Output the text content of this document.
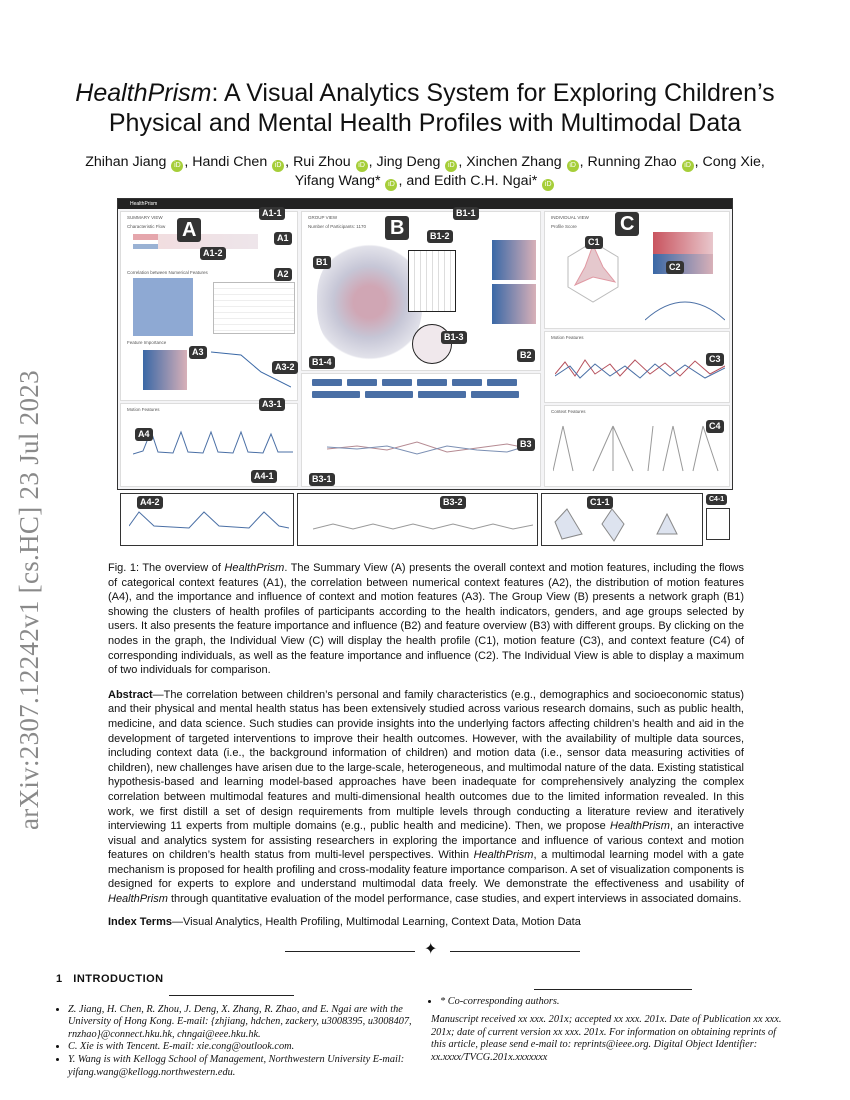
arXiv:2307.12242v1 [cs.HC] 23 Jul 2023
HealthPrism: A Visual Analytics System for Exploring Children’s
Physical and Mental Health Profiles with Multimodal Data
Zhihan Jiang iD , Handi Chen iD , Rui Zhou iD , Jing Deng iD , Xinchen Zhang iD , Running Zhao iD , Cong Xie,
Yifang Wang* iD , and Edith C.H. Ngai* iD
HealthPrism
SUMMARY VIEW
Characteristic Flow
Correlation between Numerical Features
Feature Importance
Motion Features
GROUP VIEW
Number of Participants: 1170
INDIVIDUAL VIEW
Profile Score
Motion Features
Context Features
A
A1-1
A1
A1-2
A2
A3
A3-2
A3-1
A4
A4-1
A4-2
B
B1-1
B1-2
B1
B1-3
B2
B1-4
B3
B3-1
B3-2
C
C1
C2
C3
C4
C1-1	C4-1
Fig. 1: The overview of HealthPrism. The Summary View (A) presents the overall context and motion features, including the flows of categorical context features (A1), the correlation between numerical context features (A2), the distribution of motion features (A4), and the importance and influence of context and motion features (A3). The Group View (B) presents a network graph (B1) showing the clusters of health profiles of participants according to the health indicators, genders, and age groups selected by users. It also presents the feature importance and influence (B2) and feature overview (B3) with different groups. By clicking on the nodes in the graph, the Individual View (C) will display the health profile (C1), motion feature (C3), and context feature (C4) of corresponding individuals, as well as the feature importance and influence (C2). The Individual View is able to display a maximum of two individuals for comparison.
Abstract—The correlation between children’s personal and family characteristics (e.g., demographics and socioeconomic status) and their physical and mental health status has been extensively studied across various research domains, such as public health, medicine, and data science. Such studies can provide insights into the underlying factors affecting children’s health and aid in the development of targeted interventions to improve their health outcomes. However, with the availability of multiple data sources, including context data (i.e., the background information of children) and motion data (i.e., sensor data measuring activities of children), new challenges have arisen due to the large-scale, heterogeneous, and multimodal nature of the data. Existing statistical hypothesis-based and learning model-based approaches have been inadequate for comprehensively analyzing the complex correlation between multimodal features and multi-dimensional health outcomes due to the limited information revealed. In this work, we first distill a set of design requirements from multiple levels through conducting a literature review and iteratively interviewing 11 experts from multiple domains (e.g., public health and medicine). Then, we propose HealthPrism, an interactive visual and analytics system for assisting researchers in exploring the importance and influence of various context and motion features on children’s health status from multi-level perspectives. Within HealthPrism, a multimodal learning model with a gate mechanism is proposed for health profiling and cross-modality feature importance comparison. A set of visualization components is designed for experts to explore and understand multimodal data freely. We demonstrate the effectiveness and usability of HealthPrism through quantitative evaluation of the model performance, case studies, and expert interviews in associated domains.
Index Terms—Visual Analytics, Health Profiling, Multimodal Learning, Context Data, Motion Data
✦
1 INTRODUCTION
• Z. Jiang, H. Chen, R. Zhou, J. Deng, X. Zhang, R. Zhao, and E. Ngai are with the University of Hong Kong. E-mail: {zhjiang, hdchen, zackery, u3008395, u3008407, rnzhao}@connect.hku.hk, chngai@eee.hku.hk.
• C. Xie is with Tencent. E-mail: xie.cong@outlook.com.
• Y. Wang is with Kellogg School of Management, Northwestern University E-mail: yifang.wang@kellogg.northwestern.edu.
• * Co-corresponding authors.
Manuscript received xx xxx. 201x; accepted xx xxx. 201x. Date of Publication xx xxx. 201x; date of current version xx xxx. 201x. For information on obtaining reprints of this article, please send e-mail to: reprints@ieee.org. Digital Object Identifier: xx.xxxx/TVCG.201x.xxxxxxx
